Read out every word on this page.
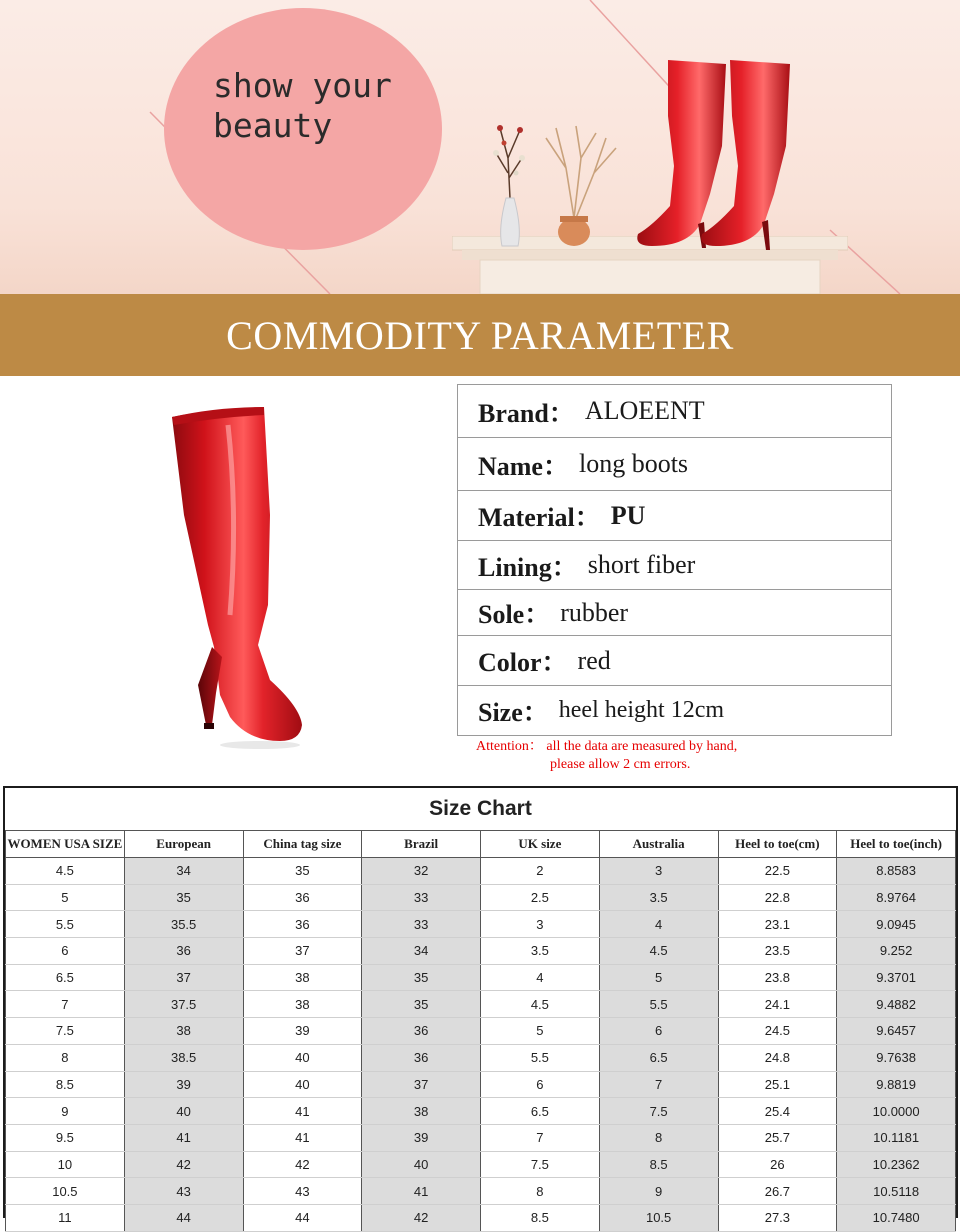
show your
beauty
COMMODITY PARAMETER
Brand： ALOEENT
Name： long boots
Material： PU
Lining： short fiber
Sole： rubber
Color： red
Size： heel height 12cm
Attention： all the data are measured by hand,
please allow 2 cm errors.
Size Chart
WOMEN USA SIZE	European	China tag size	Brazil	UK size	Australia	Heel to toe(cm)	Heel to toe(inch)
4.5	34	35	32	2	3	22.5	8.8583
5	35	36	33	2.5	3.5	22.8	8.9764
5.5	35.5	36	33	3	4	23.1	9.0945
6	36	37	34	3.5	4.5	23.5	9.252
6.5	37	38	35	4	5	23.8	9.3701
7	37.5	38	35	4.5	5.5	24.1	9.4882
7.5	38	39	36	5	6	24.5	9.6457
8	38.5	40	36	5.5	6.5	24.8	9.7638
8.5	39	40	37	6	7	25.1	9.8819
9	40	41	38	6.5	7.5	25.4	10.0000
9.5	41	41	39	7	8	25.7	10.1181
10	42	42	40	7.5	8.5	26	10.2362
10.5	43	43	41	8	9	26.7	10.5118
11	44	44	42	8.5	10.5	27.3	10.7480
